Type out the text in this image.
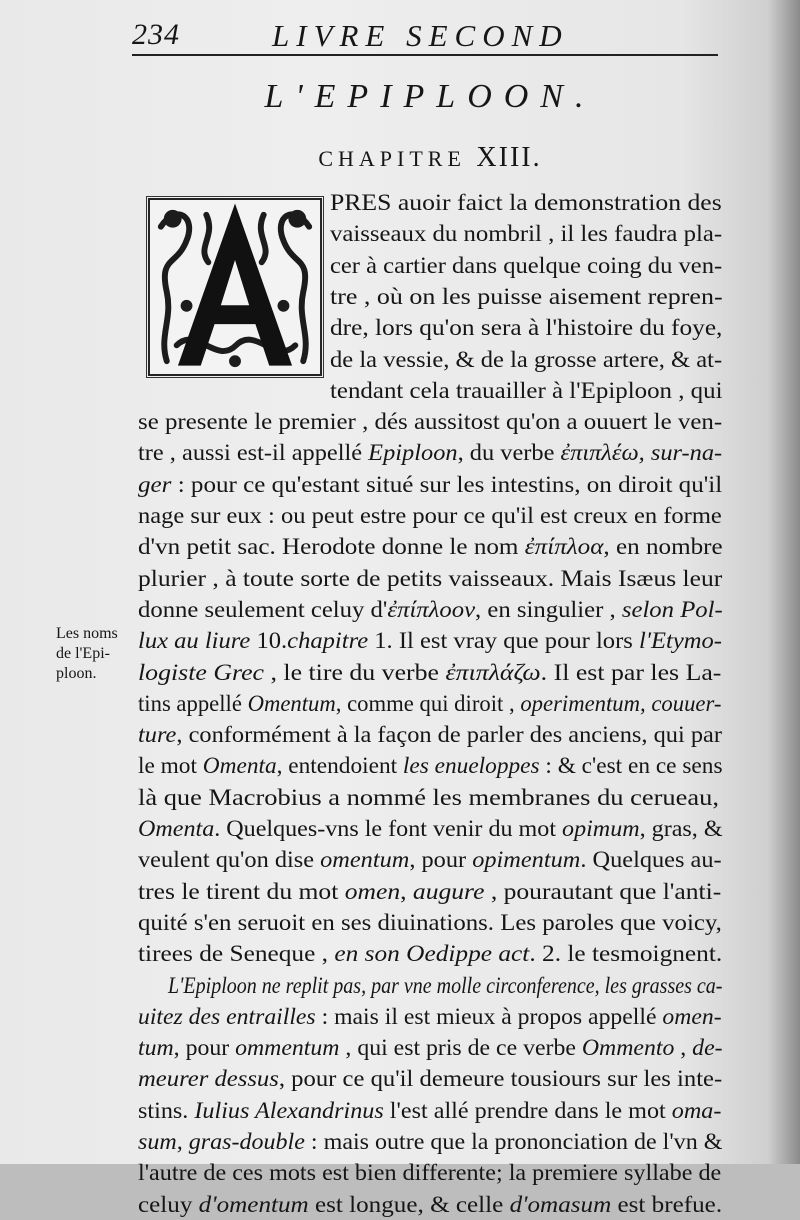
234	LIVRE SECOND
L'EPIPLOON.
CHAPITRE XIII.
Les noms
de l'Epi-
ploon.
PRES auoir faict la demonstration des
vaisseaux du nombril , il les faudra pla-
cer à cartier dans quelque coing du ven-
tre , où on les puisse aisement repren-
dre, lors qu'on sera à l'histoire du foye,
de la vessie, & de la grosse artere, & at-
tendant cela trauailler à l'Epiploon , qui
se presente le premier , dés aussitost qu'on a ouuert le ven-
tre , aussi est-il appellé Epiploon, du verbe ἐπιπλέω, sur-na-
ger : pour ce qu'estant situé sur les intestins, on diroit qu'il
nage sur eux : ou peut estre pour ce qu'il est creux en forme
d'vn petit sac. Herodote donne le nom ἐπίπλοα, en nombre
plurier , à toute sorte de petits vaisseaux. Mais Isæus leur
donne seulement celuy d'ἐπίπλοον, en singulier , selon Pol-
lux au liure 10.chapitre 1. Il est vray que pour lors l'Etymo-
logiste Grec , le tire du verbe ἐπιπλάζω. Il est par les La-
tins appellé Omentum, comme qui diroit , operimentum, couuer-
ture, conformément à la façon de parler des anciens, qui par
le mot Omenta, entendoient les enueloppes : & c'est en ce sens
là que Macrobius a nommé les membranes du cerueau,
Omenta. Quelques-vns le font venir du mot opimum, gras, &
veulent qu'on dise omentum, pour opimentum. Quelques au-
tres le tirent du mot omen, augure , pourautant que l'anti-
quité s'en seruoit en ses diuinations. Les paroles que voicy,
tirees de Seneque , en son Oedippe act. 2. le tesmoignent.
L'Epiploon ne replit pas, par vne molle circonference, les grasses ca-
uitez des entrailles : mais il est mieux à propos appellé omen-
tum, pour ommentum , qui est pris de ce verbe Ommento , de-
meurer dessus, pour ce qu'il demeure tousiours sur les inte-
stins. Iulius Alexandrinus l'est allé prendre dans le mot oma-
sum, gras-double : mais outre que la prononciation de l'vn &
l'autre de ces mots est bien differente; la premiere syllabe de
celuy d'omentum est longue, & celle d'omasum est brefue.
